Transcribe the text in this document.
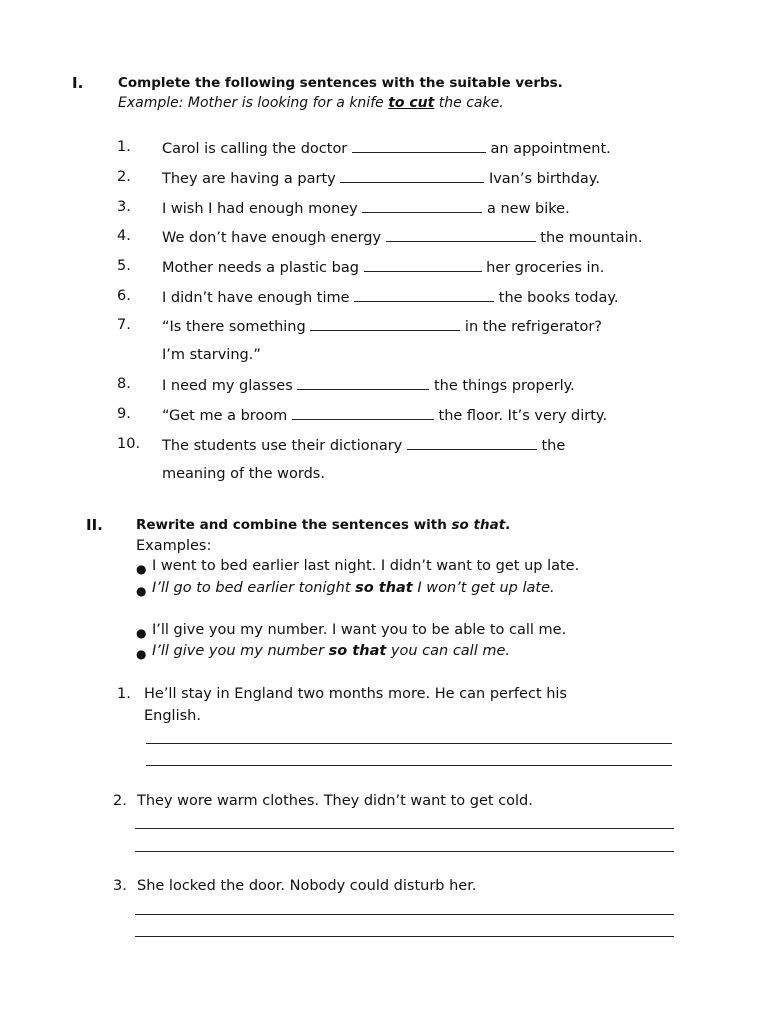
I.	Complete the following sentences with the suitable verbs.
Example: Mother is looking for a knife to cut the cake.
1. Carol is calling the doctor	an appointment.
2. They are having a party	Ivan’s birthday.
3. I wish I had enough money	a new bike.
4. We don’t have enough energy	the mountain.
5. Mother needs a plastic bag	her groceries in.
6. I didn’t have enough time	the books today.
7. “Is there something	in the refrigerator?
I’m starving.”
8. I need my glasses	the things properly.
9. “Get me a broom	the floor. It’s very dirty.
10. The students use their dictionary	the
meaning of the words.
II. Rewrite and combine the sentences with so that.
Examples:
● I went to bed earlier last night. I didn’t want to get up late.
● I’ll go to bed earlier tonight so that I won’t get up late.
● I’ll give you my number. I want you to be able to call me.
● I’ll give you my number so that you can call me.
1. He’ll stay in England two months more. He can perfect his
English.
2. They wore warm clothes. They didn’t want to get cold.
3. She locked the door. Nobody could disturb her.
